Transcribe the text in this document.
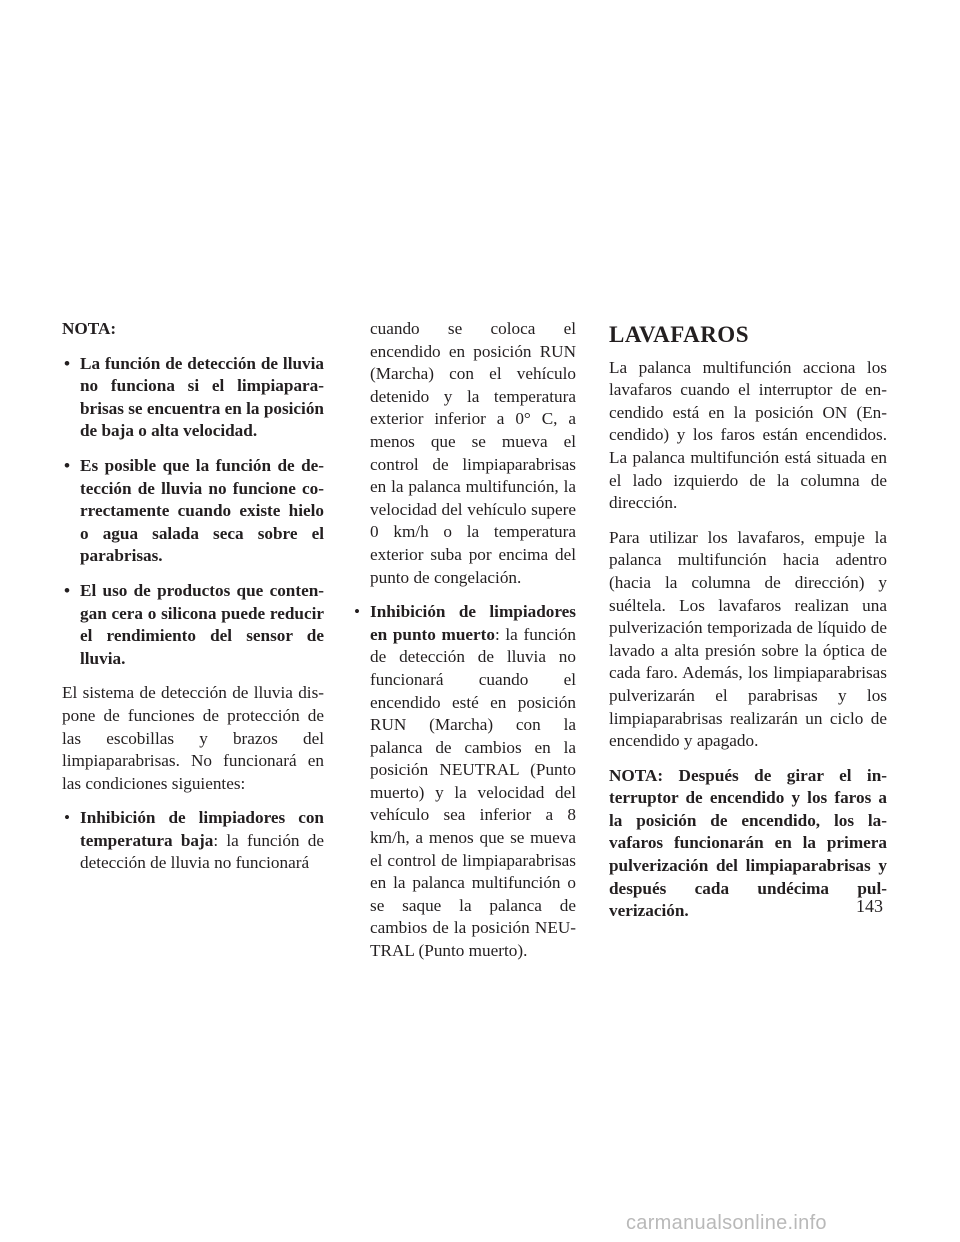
NOTA:

• La función de detección de lluvia no funciona si el limpiaparabrisas se encuentra en la posición de baja o alta velocidad.
• Es posible que la función de detección de lluvia no funcione correctamente cuando existe hielo o agua salada seca sobre el parabrisas.
• El uso de productos que contengan cera o silicona puede reducir el rendimiento del sensor de lluvia.

El sistema de detección de lluvia dispone de funciones de protección de las escobillas y brazos del limpiaparabrisas. No funcionará en las condiciones siguientes:

• Inhibición de limpiadores con temperatura baja: la función de detección de lluvia no funcionará
cuando se coloca el encendido en posición RUN (Marcha) con el vehículo detenido y la temperatura exterior inferior a 0° C, a menos que se mueva el control de limpiaparabrisas en la palanca multifunción, la velocidad del vehículo supere 0 km/h o la temperatura exterior suba por encima del punto de congelación.
• Inhibición de limpiadores en punto muerto: la función de detección de lluvia no funcionará cuando el encendido esté en posición RUN (Marcha) con la palanca de cambios en la posición NEUTRAL (Punto muerto) y la velocidad del vehículo sea inferior a 8 km/h, a menos que se mueva el control de limpiaparabrisas en la palanca multifunción o se saque la palanca de cambios de la posición NEUTRAL (Punto muerto).
LAVAFAROS

La palanca multifunción acciona los lavafaros cuando el interruptor de encendido está en la posición ON (Encendido) y los faros están encendidos. La palanca multifunción está situada en el lado izquierdo de la columna de dirección.

Para utilizar los lavafaros, empuje la palanca multifunción hacia adentro (hacia la columna de dirección) y suéltela. Los lavafaros realizan una pulverización temporizada de líquido de lavado a alta presión sobre la óptica de cada faro. Además, los limpiaparabrisas pulverizarán el parabrisas y los limpiaparabrisas realizarán un ciclo de encendido y apagado.

NOTA: Después de girar el interruptor de encendido y los faros a la posición de encendido, los lavafaros funcionarán en la primera pulverización del limpiaparabrisas y después cada undécima pulverización.	143
carmanualsonline.info
